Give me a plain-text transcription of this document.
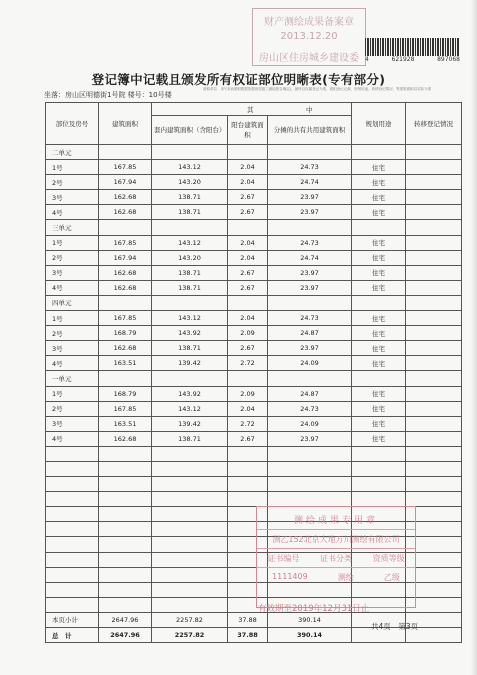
财产测绘成果备案章
2013.12.20
房山区住房城乡建设委	4	621928	897068
登记簿中记载且颁发所有权证部位明晰表(专有部分)
面积单位：米²(本表面积数据依据房屋竣工测绘报告确定)，最终以权属登记为准，面积登记记载、规划用途、转移登记情况、等建筑面积以实际为准
坐落：房山区明德街1号院 楼号：10号楼
部位及房号	建筑面积	其		中	规划用途	转移登记情况
		套内建筑面积（含阳台）	阳台建筑面积	分摊的共有共用建筑面积		
二单元						
1号	167.85	143.12	2.04	24.73	住宅	
2号	167.94	143.20	2.04	24.74	住宅	
3号	162.68	138.71	2.67	23.97	住宅	
4号	162.68	138.71	2.67	23.97	住宅	
三单元						
1号	167.85	143.12	2.04	24.73	住宅	
2号	167.94	143.20	2.04	24.74	住宅	
3号	162.68	138.71	2.67	23.97	住宅	
4号	162.68	138.71	2.67	23.97	住宅	
四单元						
1号	167.85	143.12	2.04	24.73	住宅	
2号	168.79	143.92	2.09	24.87	住宅	
3号	162.68	138.71	2.67	23.97	住宅	
4号	163.51	139.42	2.72	24.09	住宅	
一单元						
1号	168.79	143.92	2.09	24.87	住宅	
2号	167.85	143.12	2.04	24.73	住宅	
3号	163.51	139.42	2.72	24.09	住宅	
4号	162.68	138.71	2.67	23.97	住宅	

本页小计	2647.96	2257.82	37.88	390.14		
总　计	2647.96	2257.82	37.88	390.14		
测绘成果专用章
测乙152北京大地万川测绘有限公司
证书编号	证书分类	资质等级
1111409	测绘	乙级
有效期至2019年12月31日止
共4页　第3页
